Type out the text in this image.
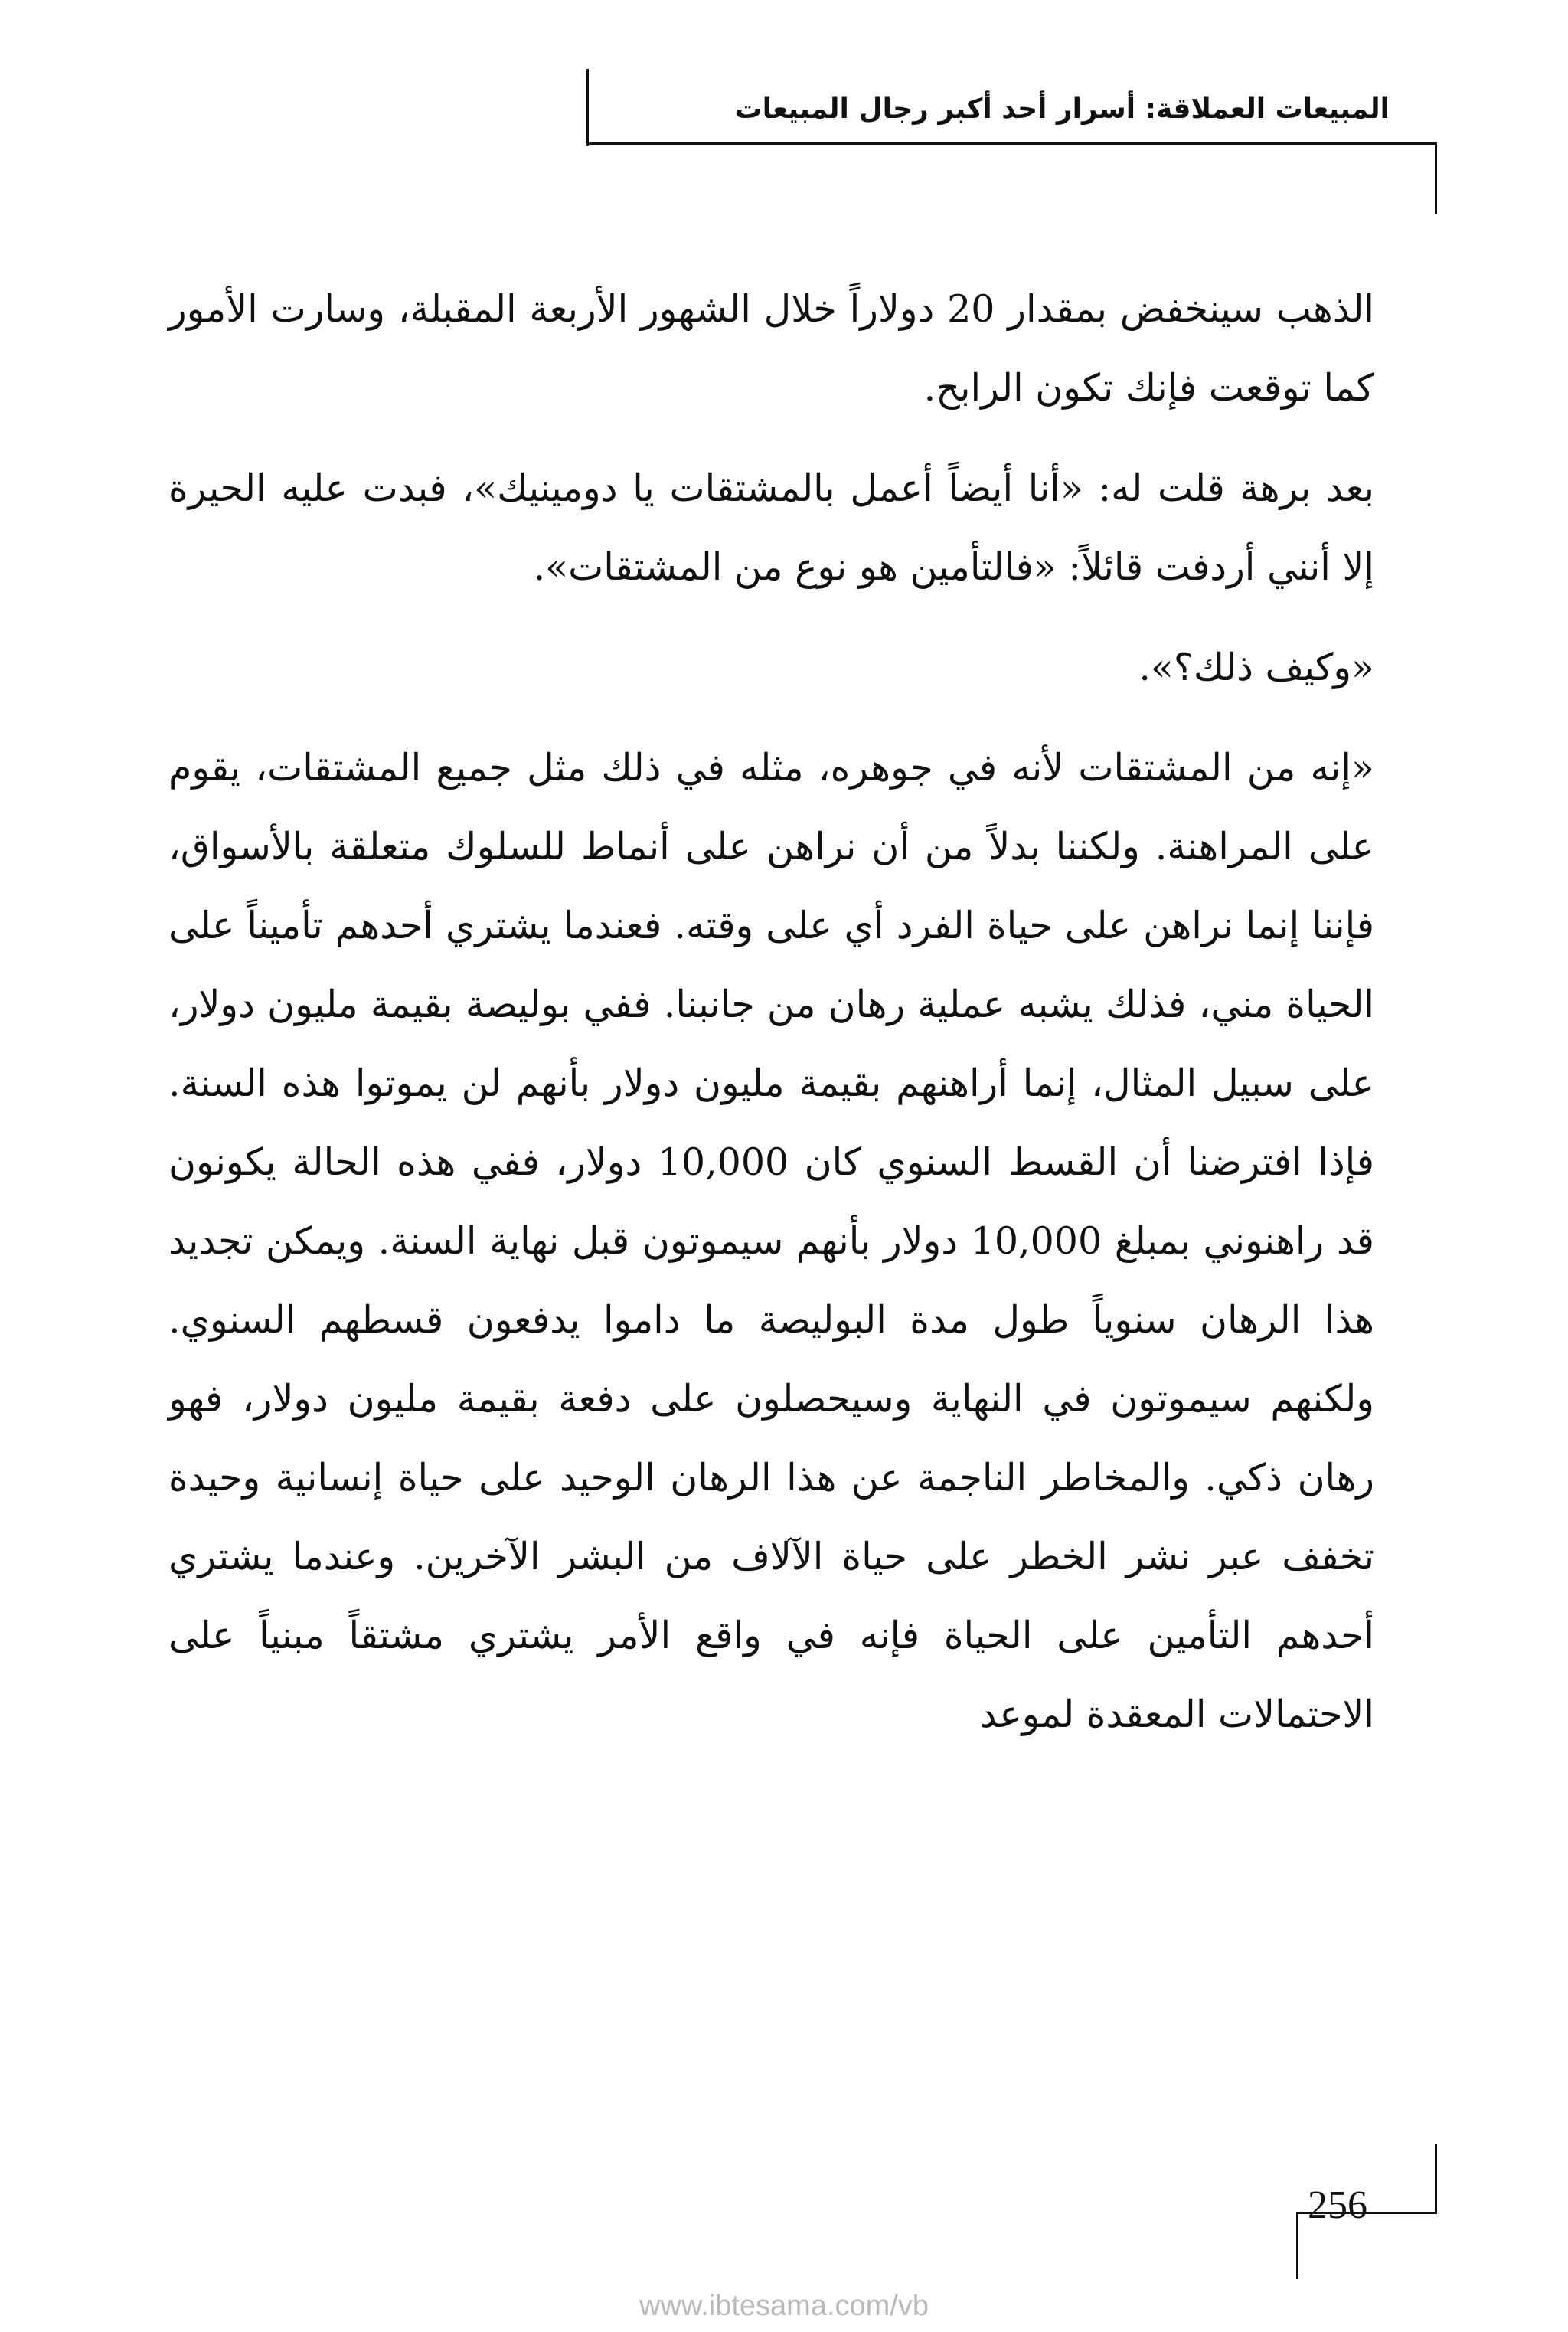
المبيعات العملاقة: أسرار أحد أكبر رجال المبيعات

الذهب سينخفض بمقدار 20 دولاراً خلال الشهور الأربعة المقبلة، وسارت الأمور كما توقعت فإنك تكون الرابح.

بعد برهة قلت له: «أنا أيضاً أعمل بالمشتقات يا دومينيك»، فبدت عليه الحيرة إلا أنني أردفت قائلاً: «فالتأمين هو نوع من المشتقات».

«وكيف ذلك؟».

«إنه من المشتقات لأنه في جوهره، مثله في ذلك مثل جميع المشتقات، يقوم على المراهنة. ولكننا بدلاً من أن نراهن على أنماط للسلوك متعلقة بالأسواق، فإننا إنما نراهن على حياة الفرد أي على وقته. فعندما يشتري أحدهم تأميناً على الحياة مني، فذلك يشبه عملية رهان من جانبنا. ففي بوليصة بقيمة مليون دولار، على سبيل المثال، إنما أراهنهم بقيمة مليون دولار بأنهم لن يموتوا هذه السنة. فإذا افترضنا أن القسط السنوي كان 10,000 دولار، ففي هذه الحالة يكونون قد راهنوني بمبلغ 10,000 دولار بأنهم سيموتون قبل نهاية السنة. ويمكن تجديد هذا الرهان سنوياً طول مدة البوليصة ما داموا يدفعون قسطهم السنوي. ولكنهم سيموتون في النهاية وسيحصلون على دفعة بقيمة مليون دولار، فهو رهان ذكي. والمخاطر الناجمة عن هذا الرهان الوحيد على حياة إنسانية وحيدة تخفف عبر نشر الخطر على حياة الآلاف من البشر الآخرين. وعندما يشتري أحدهم التأمين على الحياة فإنه في واقع الأمر يشتري مشتقاً مبنياً على الاحتمالات المعقدة لموعد

256
www.ibtesama.com/vb
